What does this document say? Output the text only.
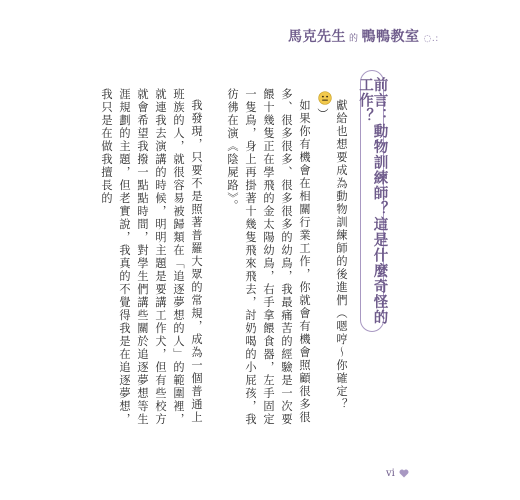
馬克先生 的 鴨鴨教室 ◌.:
前言：動物訓練師？這是什麼奇怪的工作？

獻給也想要成為動物訓練師的後進們（嗯哼～你確定？）

如果你有機會在相關行業工作，你就會有機會照顧很多很多、很多很多、很多很多的幼鳥，我最痛苦的經驗是一次要餵十幾隻正在學飛的金太陽幼鳥，右手拿餵食器，左手固定一隻鳥，身上再掛著十幾隻飛來飛去，討奶喝的小屁孩，我彷彿在演《陰屍路》。

我發現，只要不是照著普羅大眾的常規，成為一個普通上班族的人，就很容易被歸類在「追逐夢想的人」的範圍裡，就連我去演講的時候，明明主題是要講工作犬，但有些校方就會希望我撥一點點時間，對學生們講些關於追逐夢想等生涯規劃的主題，但老實說，我真的不覺得我是在追逐夢想，我只是在做我擅長的

vi
